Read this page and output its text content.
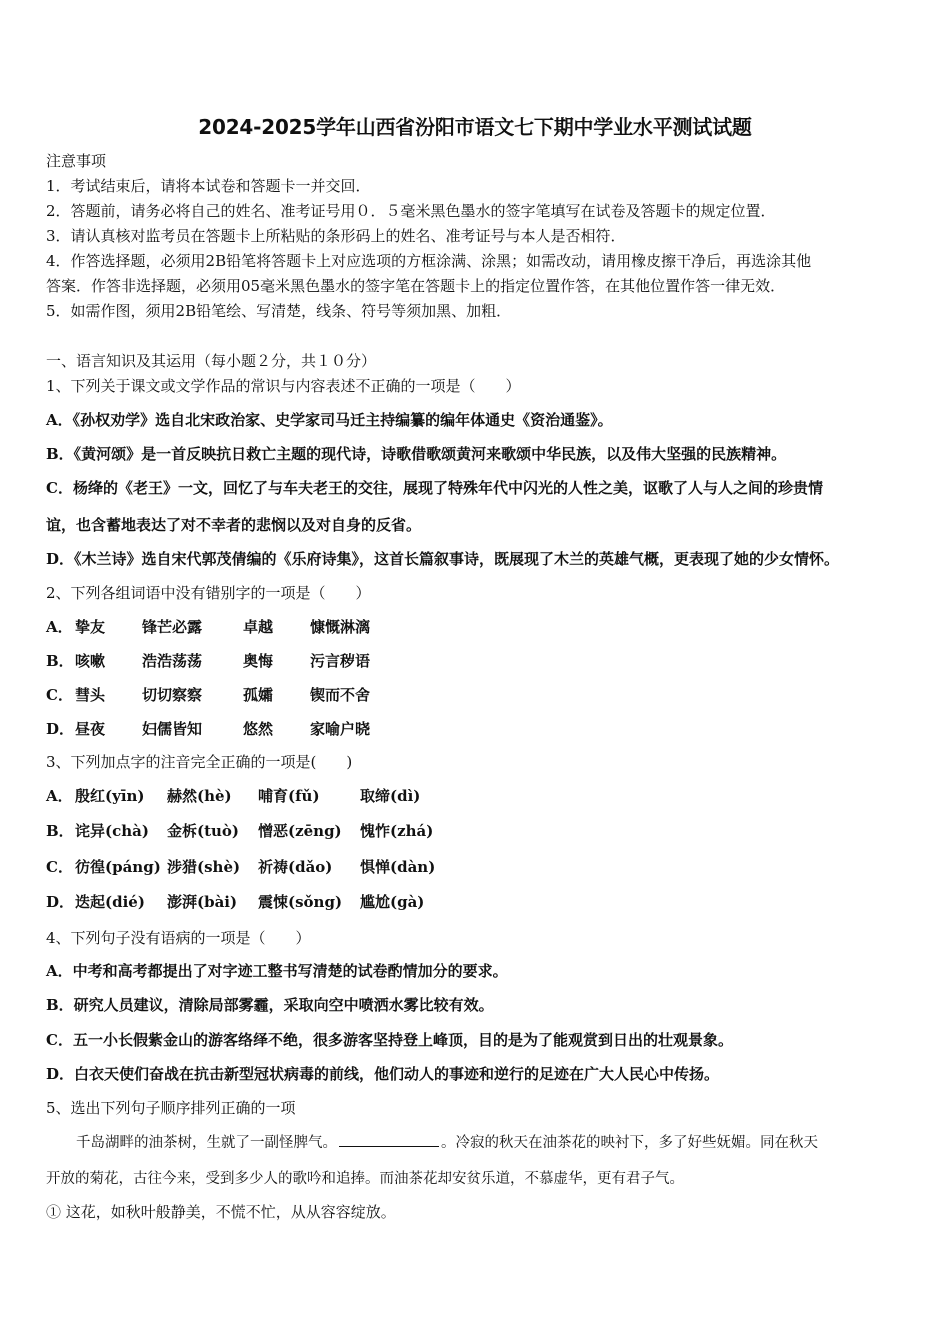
2024-2025学年山西省汾阳市语文七下期中学业水平测试试题
注意事项
1．考试结束后，请将本试卷和答题卡一并交回．
2．答题前，请务必将自己的姓名、准考证号用０．５毫米黑色墨水的签字笔填写在试卷及答题卡的规定位置．
3．请认真核对监考员在答题卡上所粘贴的条形码上的姓名、准考证号与本人是否相符．
4．作答选择题，必须用2B铅笔将答题卡上对应选项的方框涂满、涂黑；如需改动，请用橡皮擦干净后，再选涂其他
答案．作答非选择题，必须用05毫米黑色墨水的签字笔在答题卡上的指定位置作答，在其他位置作答一律无效．
5．如需作图，须用2B铅笔绘、写清楚，线条、符号等须加黑、加粗．
一、语言知识及其运用（每小题２分，共１０分）
1、下列关于课文或文学作品的常识与内容表述不正确的一项是（　　）
A．《孙权劝学》选自北宋政治家、史学家司马迁主持编纂的编年体通史《资治通鉴》。
B．《黄河颂》是一首反映抗日救亡主题的现代诗，诗歌借歌颂黄河来歌颂中华民族，以及伟大坚强的民族精神。
C．杨绛的《老王》一文，回忆了与车夫老王的交往，展现了特殊年代中闪光的人性之美，讴歌了人与人之间的珍贵情
谊，也含蓄地表达了对不幸者的悲悯以及对自身的反省。
D．《木兰诗》选自宋代郭茂倩编的《乐府诗集》，这首长篇叙事诗，既展现了木兰的英雄气概，更表现了她的少女情怀。
2、下列各组词语中没有错别字的一项是（　　）
A． 挚友 锋芒必露	卓越 慷慨淋漓
B． 咳嗽 浩浩荡荡	奥悔 污言秽语
C． 彗头 切切察察	孤孀 锲而不舍
D． 昼夜 妇儒皆知	悠然 家喻户晓
3、下列加点字的注音完全正确的一项是(　　)
A． 殷红(yīn) 赫然(hè) 哺育(fǔ)	取缔(dì)
B． 诧异(chà) 金柝(tuò) 憎恶(zēng) 愧怍(zhá)
C． 彷徨(páng) 涉猎(shè) 祈祷(dǎo) 惧惮(dàn)
D． 迭起(dié) 澎湃(bài) 震悚(sǒng) 尴尬(gà)
4、下列句子没有语病的一项是（　　）
A．中考和高考都提出了对字迹工整书写清楚的试卷酌情加分的要求。
B．研究人员建议，清除局部雾霾，采取向空中喷洒水雾比较有效。
C．五一小长假紫金山的游客络绎不绝，很多游客坚持登上峰顶，目的是为了能观赏到日出的壮观景象。
D．白衣天使们奋战在抗击新型冠状病毒的前线，他们动人的事迹和逆行的足迹在广大人民心中传扬。
5、选出下列句子顺序排列正确的一项
千岛湖畔的油茶树，生就了一副怪脾气。	。冷寂的秋天在油茶花的映衬下，多了好些妩媚。同在秋天
开放的菊花，古往今来，受到多少人的歌吟和追捧。而油茶花却安贫乐道，不慕虚华，更有君子气。
① 这花，如秋叶般静美，不慌不忙，从从容容绽放。
